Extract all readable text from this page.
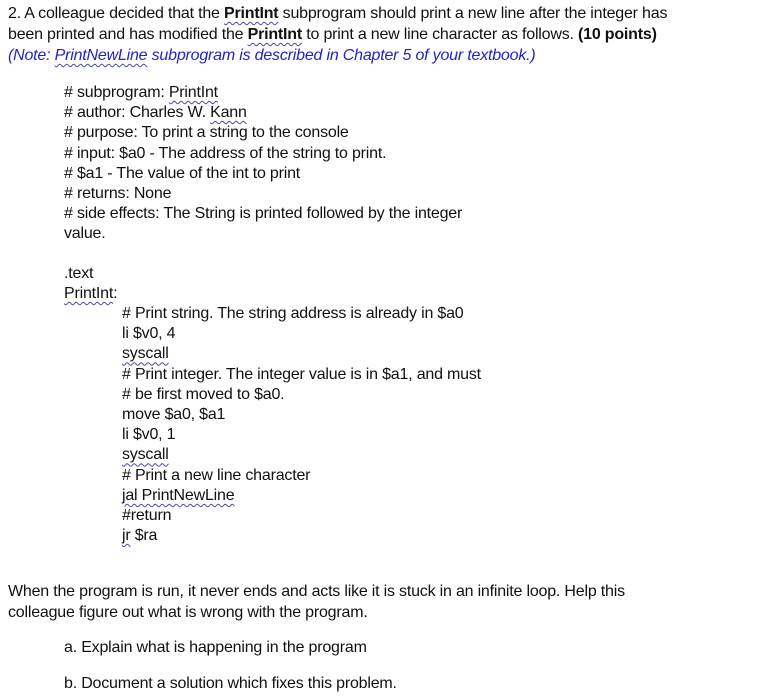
2. A colleague decided that the PrintInt subprogram should print a new line after the integer has
been printed and has modified the PrintInt to print a new line character as follows. (10 points)
(Note: PrintNewLine subprogram is described in Chapter 5 of your textbook.)
# subprogram: PrintInt
# author: Charles W. Kann
# purpose: To print a string to the console
# input: $a0 - The address of the string to print.
# $a1 - The value of the int to print
# returns: None
# side effects: The String is printed followed by the integer
value.
.text
PrintInt:
# Print string. The string address is already in $a0
li $v0, 4
syscall
# Print integer. The integer value is in $a1, and must
# be first moved to $a0.
move $a0, $a1
li $v0, 1
syscall
# Print a new line character
jal PrintNewLine
#return
jr $ra
When the program is run, it never ends and acts like it is stuck in an infinite loop. Help this
colleague figure out what is wrong with the program.
a. Explain what is happening in the program
b. Document a solution which fixes this problem.
